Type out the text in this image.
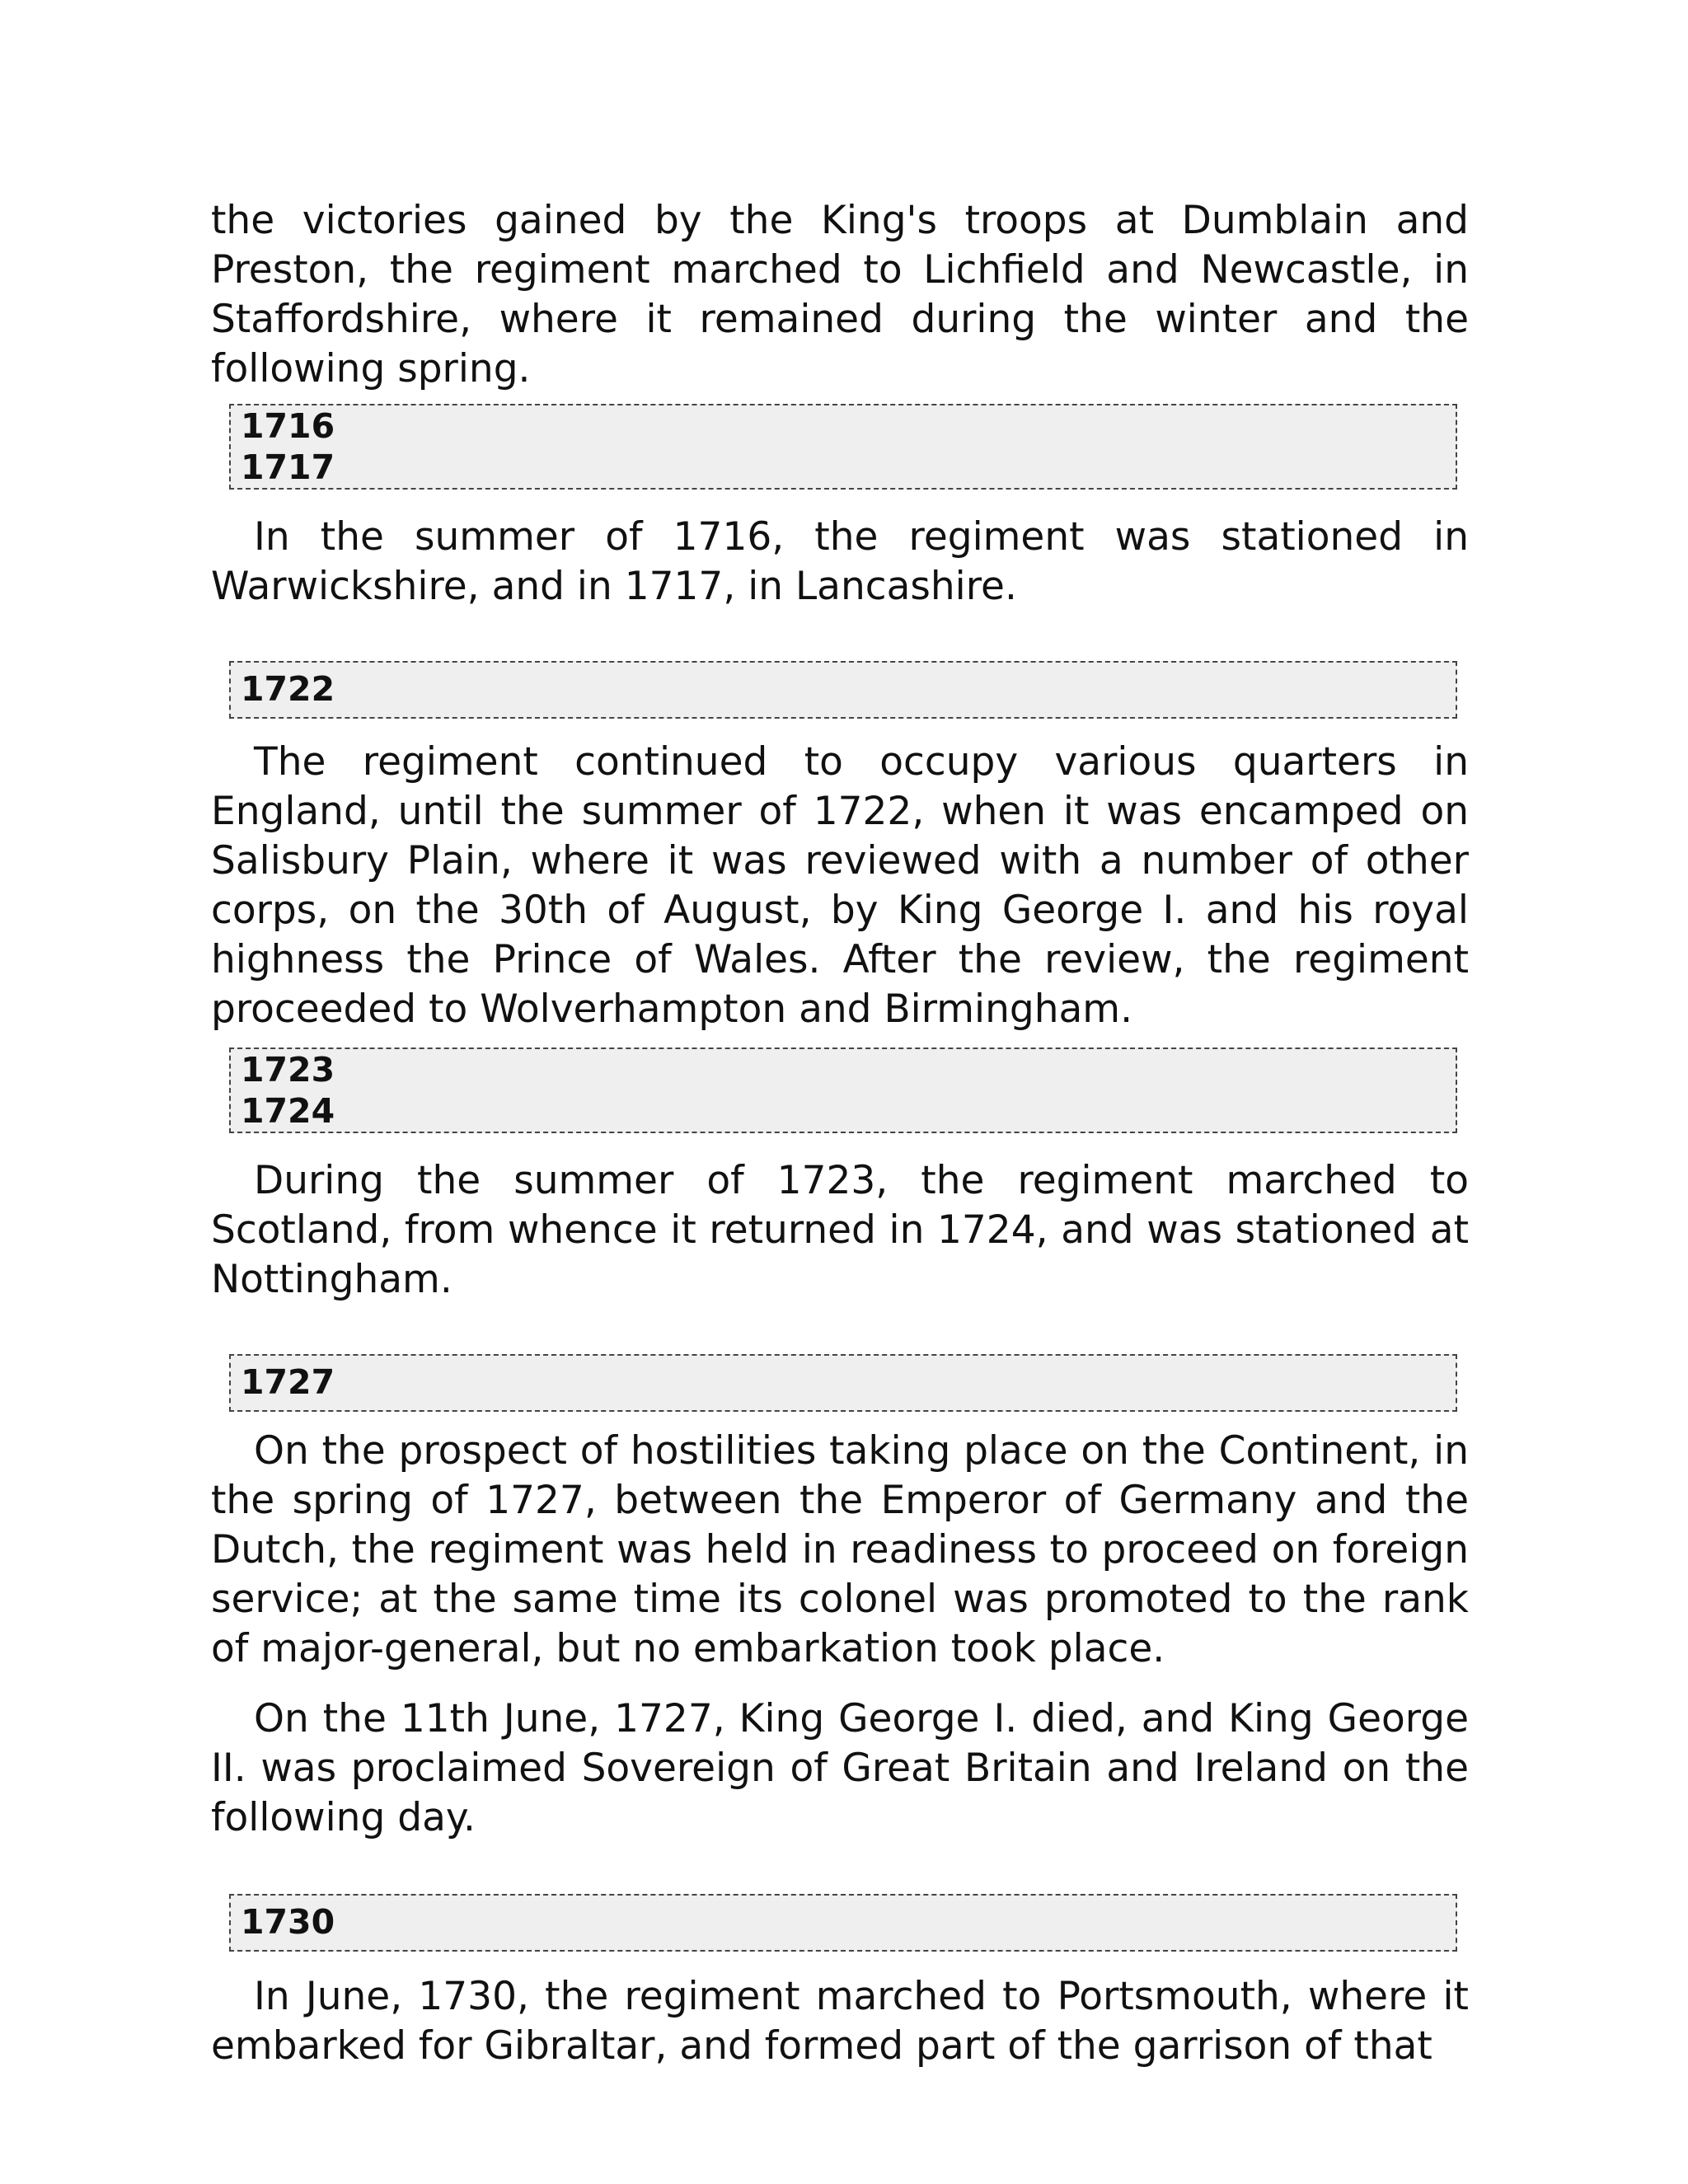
the victories gained by the King's troops at Dumblain and Preston, the regiment marched to Lichfield and Newcastle, in Staffordshire, where it remained during the winter and the following spring.

1716
1717

In the summer of 1716, the regiment was stationed in Warwickshire, and in 1717, in Lancashire.

1722

The regiment continued to occupy various quarters in England, until the summer of 1722, when it was encamped on Salisbury Plain, where it was reviewed with a number of other corps, on the 30th of August, by King George I. and his royal highness the Prince of Wales. After the review, the regiment proceeded to Wolverhampton and Birmingham.

1723
1724

During the summer of 1723, the regiment marched to Scotland, from whence it returned in 1724, and was stationed at Nottingham.

1727

On the prospect of hostilities taking place on the Continent, in the spring of 1727, between the Emperor of Germany and the Dutch, the regiment was held in readiness to proceed on foreign service; at the same time its colonel was promoted to the rank of major-general, but no embarkation took place.

On the 11th June, 1727, King George I. died, and King George II. was proclaimed Sovereign of Great Britain and Ireland on the following day.

1730

In June, 1730, the regiment marched to Portsmouth, where it embarked for Gibraltar, and formed part of the garrison of that
